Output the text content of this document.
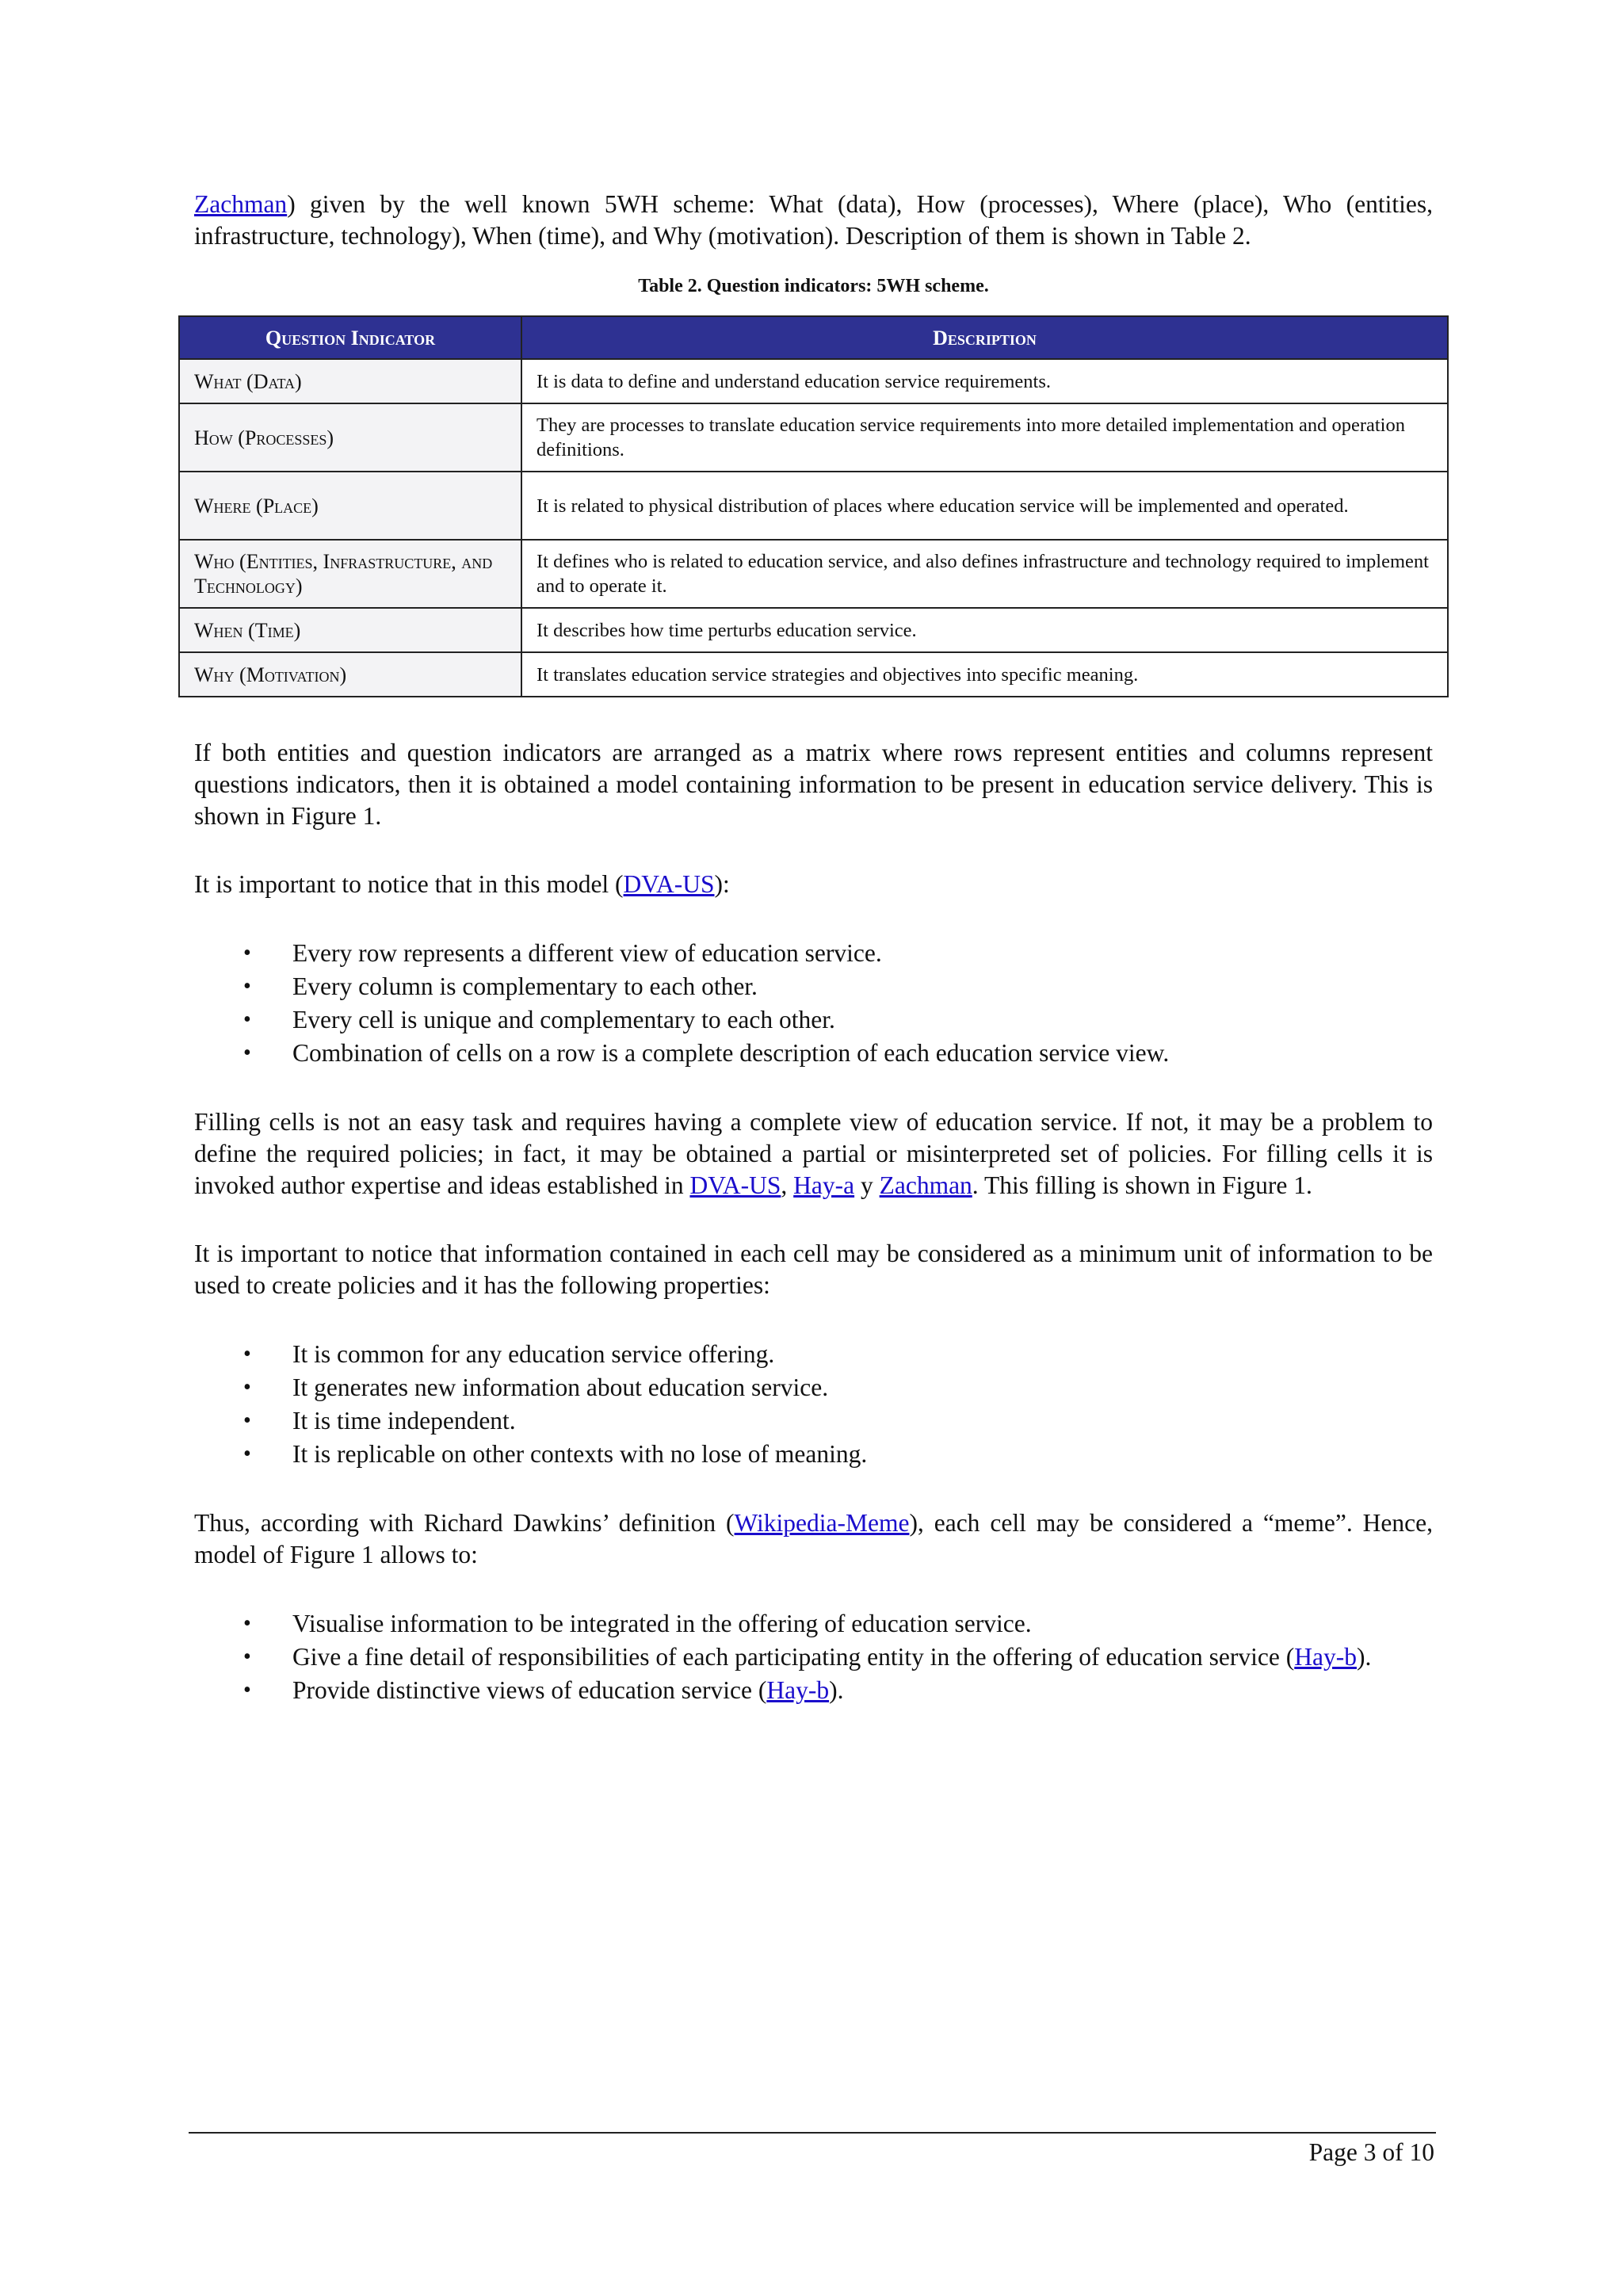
Zachman) given by the well known 5WH scheme: What (data), How (processes), Where (place), Who (entities, infrastructure, technology), When (time), and Why (motivation). Description of them is shown in Table 2.

Table 2. Question indicators: 5WH scheme.
Question Indicator	Description
What (Data)	It is data to define and understand education service requirements.
How (Processes)	They are processes to translate education service requirements into more detailed implementation and operation definitions.
Where (Place)	It is related to physical distribution of places where education service will be implemented and operated.
Who (Entities, Infrastructure, and Technology)	It defines who is related to education service, and also defines infrastructure and technology required to implement and to operate it.
When (Time)	It describes how time perturbs education service.
Why (Motivation)	It translates education service strategies and objectives into specific meaning.

If both entities and question indicators are arranged as a matrix where rows represent entities and columns represent questions indicators, then it is obtained a model containing information to be present in education service delivery. This is shown in Figure 1.

It is important to notice that in this model (DVA-US):

• Every row represents a different view of education service.
• Every column is complementary to each other.
• Every cell is unique and complementary to each other.
• Combination of cells on a row is a complete description of each education service view.

Filling cells is not an easy task and requires having a complete view of education service. If not, it may be a problem to define the required policies; in fact, it may be obtained a partial or misinterpreted set of policies. For filling cells it is invoked author expertise and ideas established in DVA-US, Hay-a y Zachman. This filling is shown in Figure 1.

It is important to notice that information contained in each cell may be considered as a minimum unit of information to be used to create policies and it has the following properties:

• It is common for any education service offering.
• It generates new information about education service.
• It is time independent.
• It is replicable on other contexts with no lose of meaning.

Thus, according with Richard Dawkins’ definition (Wikipedia-Meme), each cell may be considered a “meme”. Hence, model of Figure 1 allows to:

• Visualise information to be integrated in the offering of education service.
• Give a fine detail of responsibilities of each participating entity in the offering of education service (Hay-b).
• Provide distinctive views of education service (Hay-b).
Page 3 of 10
